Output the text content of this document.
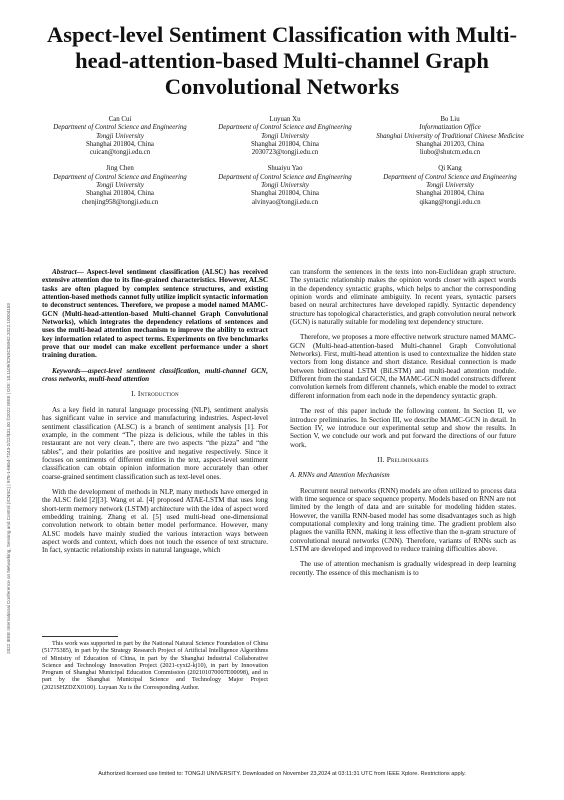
2022 IEEE International Conference on Networking, Sensing and Control (ICNSC) | 978-1-6654-7243-2/22/$31.00 ©2022 IEEE | DOI: 10.1109/ICNSC55942.2022.10004153
Aspect-level Sentiment Classification with Multi-head-attention-based Multi-channel Graph Convolutional Networks
Can Cui
Department of Control Science and Engineering
Tongji University
Shanghai 201804, China
cuican@tongji.edu.cn
Luyuan Xu
Department of Control Science and Engineering
Tongji University
Shanghai 201804, China
2030723@tongji.edu.cn
Bo Liu
Informatization Office
Shanghai University of Traditional Chinese Medicine
Shanghai 201203, China
liubo@shutcm.edu.cn
Jing Chen
Department of Control Science and Engineering
Tongji University
Shanghai 201804, China
chenjing958@tongji.edu.cn
Shuaiyu Yao
Department of Control Science and Engineering
Tongji University
Shanghai 201804, China
alvinyao@tongji.edu.cn
Qi Kang
Department of Control Science and Engineering
Tongji University
Shanghai 201804, China
qikang@tongji.edu.cn

Abstract— Aspect-level sentiment classification (ALSC) has received extensive attention due to its fine-grained characteristics. However, ALSC tasks are often plagued by complex sentence structures, and existing attention-based methods cannot fully utilize implicit syntactic information to deconstruct sentences. Therefore, we propose a model named MAMC-GCN (Multi-head-attention-based Multi-channel Graph Convolutional Networks), which integrates the dependency relations of sentences and uses the multi-head attention mechanism to improve the ability to extract key information related to aspect terms. Experiments on five benchmarks prove that our model can make excellent performance under a short training duration.

Keywords—aspect-level sentiment classification, multi-channel GCN, cross networks, multi-head attention

I. Introduction

As a key field in natural language processing (NLP), sentiment analysis has significant value in service and manufacturing industries. Aspect-level sentiment classification (ALSC) is a branch of sentiment analysis [1]. For example, in the comment “The pizza is delicious, while the tables in this restaurant are not very clean.”, there are two aspects “the pizza” and “the tables”, and their polarities are positive and negative respectively. Since it focuses on sentiments of different entities in the text, aspect-level sentiment classification can obtain opinion information more accurately than other coarse-grained sentiment classification such as text-level ones.

With the development of methods in NLP, many methods have emerged in the ALSC field [2][3]. Wang et al. [4] proposed ATAE-LSTM that uses long short-term memory network (LSTM) architecture with the idea of aspect word embedding training. Zhang et al. [5] used multi-head one-dimensional convolution network to obtain better model performance. However, many ALSC models have mainly studied the various interaction ways between aspect words and context, which does not touch the essence of text structure. In fact, syntactic relationship exists in natural language, which

This work was supported in part by the National Natural Science Foundation of China (51775385), in part by the Strategy Research Project of Artificial Intelligence Algorithms of Ministry of Education of China, in part by the Shanghai Industrial Collaborative Science and Technology Innovation Project (2021-cyxt2-kj10), in part by Innovation Program of Shanghai Municipal Education Commission (202101070007E00098), and in part by the Shanghai Municipal Science and Technology Major Project (2021SHZDZX0100). Luyuan Xu is the Corresponding Author.

can transform the sentences in the texts into non-Euclidean graph structure. The syntactic relationship makes the opinion words closer with aspect words in the dependency syntactic graphs, which helps to anchor the corresponding opinion words and eliminate ambiguity. In recent years, syntactic parsers based on neural architectures have developed rapidly. Syntactic dependency structure has topological characteristics, and graph convolution neural network (GCN) is naturally suitable for modeling text dependency structure.

Therefore, we proposes a more effective network structure named MAMC-GCN (Multi-head-attention-based Multi-channel Graph Convolutional Networks). First, multi-head attention is used to contextualize the hidden state vectors from long distance and short distance. Residual connection is made between bidirectional LSTM (BiLSTM) and multi-head attention module. Different from the standard GCN, the MAMC-GCN model constructs different convolution kernels from different channels, which enable the model to extract different information from each node in the dependency syntactic graph.

The rest of this paper include the following content. In Section II, we introduce preliminaries. In Section III, we describe MAMC-GCN in detail. In Section IV, we introduce our experimental setup and show the results. In Section V, we conclude our work and put forward the directions of our future work.

II. Preliminaries

A. RNNs and Attention Mechanism

Recurrent neural networks (RNN) models are often utilized to process data with time sequence or space sequence property. Models based on RNN are not limited by the length of data and are suitable for modeling hidden states. However, the vanilla RNN-based model has some disadvantages such as high computational complexity and long training time. The gradient problem also plagues the vanilla RNN, making it less effective than the n-gram structure of convolutional neural networks (CNN). Therefore, variants of RNNs such as LSTM are developed and improved to reduce training difficulties above.

The use of attention mechanism is gradually widespread in deep learning recently. The essence of this mechanism is to

Authorized licensed use limited to: TONGJI UNIVERSITY. Downloaded on November 23,2024 at 03:11:31 UTC from IEEE Xplore. Restrictions apply.
